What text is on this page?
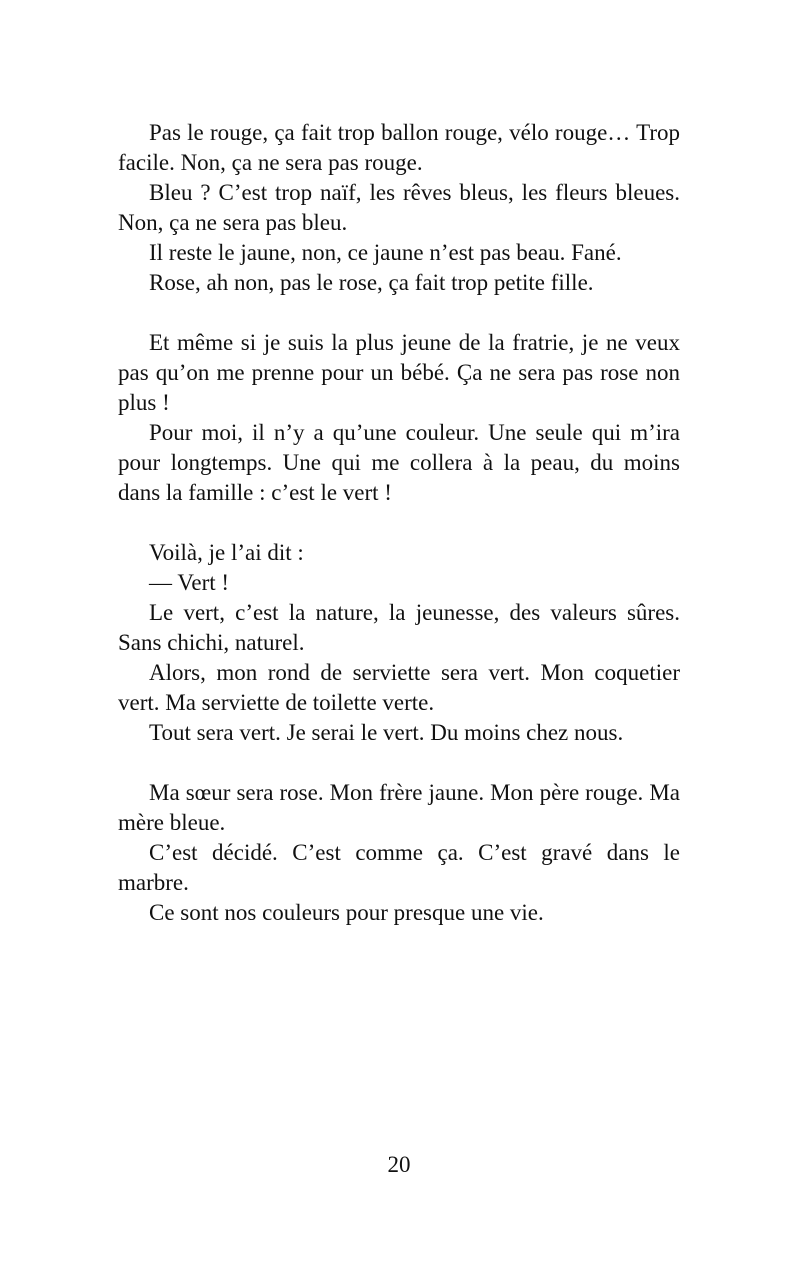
Pas le rouge, ça fait trop ballon rouge, vélo rouge… Trop facile. Non, ça ne sera pas rouge.

Bleu ? C’est trop naïf, les rêves bleus, les fleurs bleues. Non, ça ne sera pas bleu.

Il reste le jaune, non, ce jaune n’est pas beau. Fané.

Rose, ah non, pas le rose, ça fait trop petite fille.

Et même si je suis la plus jeune de la fratrie, je ne veux pas qu’on me prenne pour un bébé. Ça ne sera pas rose non plus !

Pour moi, il n’y a qu’une couleur. Une seule qui m’ira pour longtemps. Une qui me collera à la peau, du moins dans la famille : c’est le vert !

Voilà, je l’ai dit :

— Vert !

Le vert, c’est la nature, la jeunesse, des valeurs sûres. Sans chichi, naturel.

Alors, mon rond de serviette sera vert. Mon coquetier vert. Ma serviette de toilette verte.

Tout sera vert. Je serai le vert. Du moins chez nous.

Ma sœur sera rose. Mon frère jaune. Mon père rouge. Ma mère bleue.

C’est décidé. C’est comme ça. C’est gravé dans le marbre.

Ce sont nos couleurs pour presque une vie.

20
